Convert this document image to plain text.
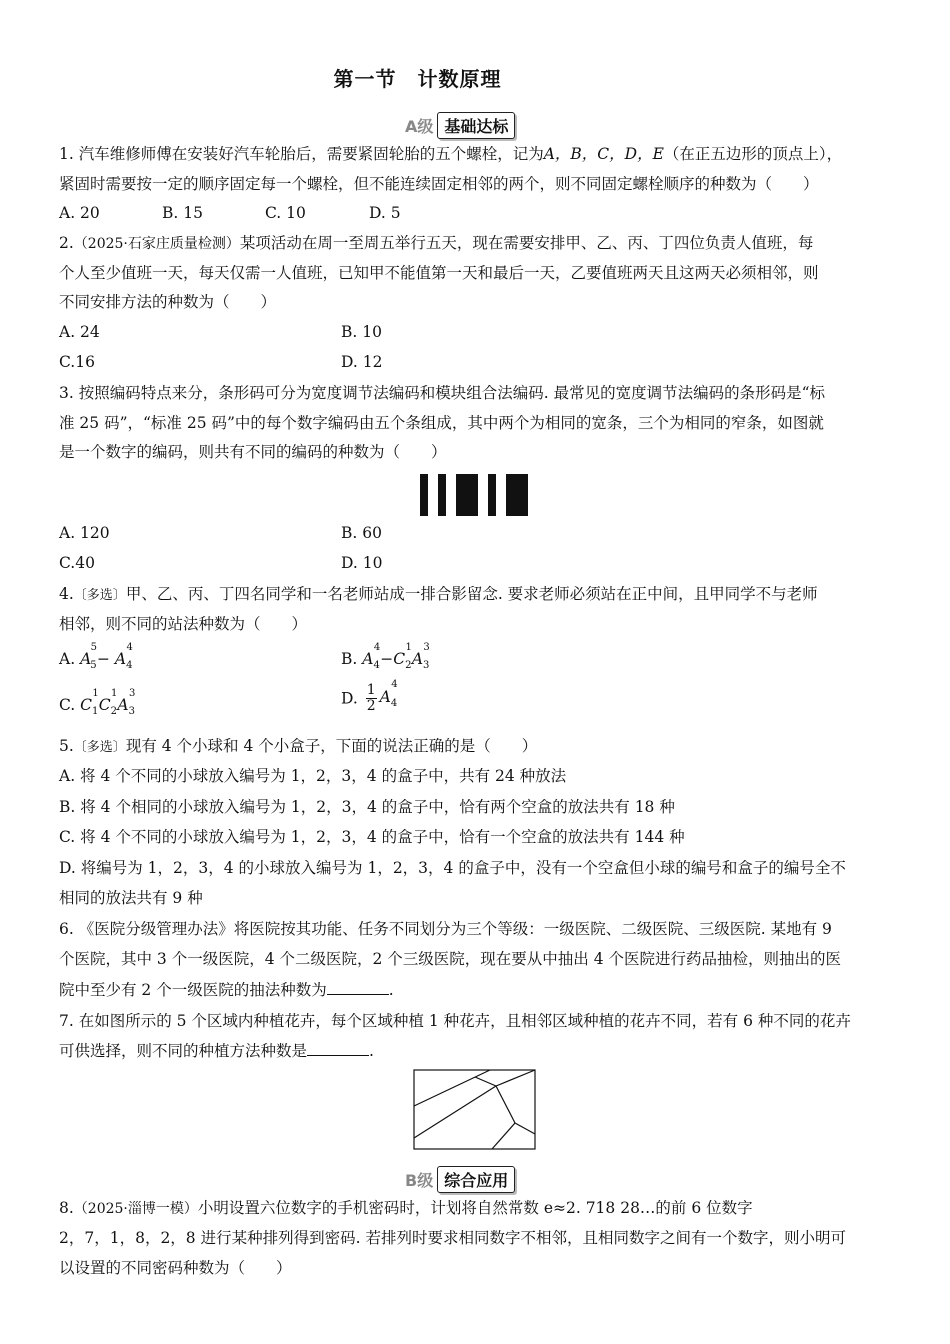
第一节　计数原理
A级 基础达标
1. 汽车维修师傅在安装好汽车轮胎后，需要紧固轮胎的五个螺栓，记为A，B，C，D，E（在正五边形的顶点上），
紧固时需要按一定的顺序固定每一个螺栓，但不能连续固定相邻的两个，则不同固定螺栓顺序的种数为（　　）
A. 20	B. 15	C. 10	D. 5
2.（2025·石家庄质量检测）某项活动在周一至周五举行五天，现在需要安排甲、乙、丙、丁四位负责人值班，每
个人至少值班一天，每天仅需一人值班，已知甲不能值第一天和最后一天，乙要值班两天且这两天必须相邻，则
不同安排方法的种数为（　　）
A. 24	B. 10
C.16	D. 12
3. 按照编码特点来分，条形码可分为宽度调节法编码和模块组合法编码. 最常见的宽度调节法编码的条形码是“标
准 25 码”，“标准 25 码”中的每个数字编码由五个条组成，其中两个为相同的宽条，三个为相同的窄条，如图就
是一个数字的编码，则共有不同的编码的种数为（　　）
A. 120	B. 60
C.40	D. 10
4.〔多选〕甲、乙、丙、丁四名同学和一名老师站成一排合影留念. 要求老师必须站在正中间，且甲同学不与老师
相邻，则不同的站法种数为（　　）
A. $A_5^5- A_4^4$
B. $A_4^4-C_2^1A_3^3$
C. $C_1^1C_2^1A_3^3$	D. $\frac{1}{2} A_4^4$
5.〔多选〕现有 4 个小球和 4 个小盒子，下面的说法正确的是（　　）
A. 将 4 个不同的小球放入编号为 1，2，3，4 的盒子中，共有 24 种放法
B. 将 4 个相同的小球放入编号为 1，2，3，4 的盒子中，恰有两个空盒的放法共有 18 种
C. 将 4 个不同的小球放入编号为 1，2，3，4 的盒子中，恰有一个空盒的放法共有 144 种
D. 将编号为 1，2，3，4 的小球放入编号为 1，2，3，4 的盒子中，没有一个空盒但小球的编号和盒子的编号全不
相同的放法共有 9 种
6. 《医院分级管理办法》将医院按其功能、任务不同划分为三个等级：一级医院、二级医院、三级医院. 某地有 9
个医院，其中 3 个一级医院，4 个二级医院，2 个三级医院，现在要从中抽出 4 个医院进行药品抽检，则抽出的医
院中至少有 2 个一级医院的抽法种数为	.
7. 在如图所示的 5 个区域内种植花卉，每个区域种植 1 种花卉，且相邻区域种植的花卉不同，若有 6 种不同的花卉
可供选择，则不同的种植方法种数是	.
8.（2025·淄博一模）小明设置六位数字的手机密码时，计划将自然常数 e≈2. 718 28…的前 6 位数字
2，7，1，8，2，8 进行某种排列得到密码. 若排列时要求相同数字不相邻，且相同数字之间有一个数字，则小明可
以设置的不同密码种数为（　　）
B级 综合应用
